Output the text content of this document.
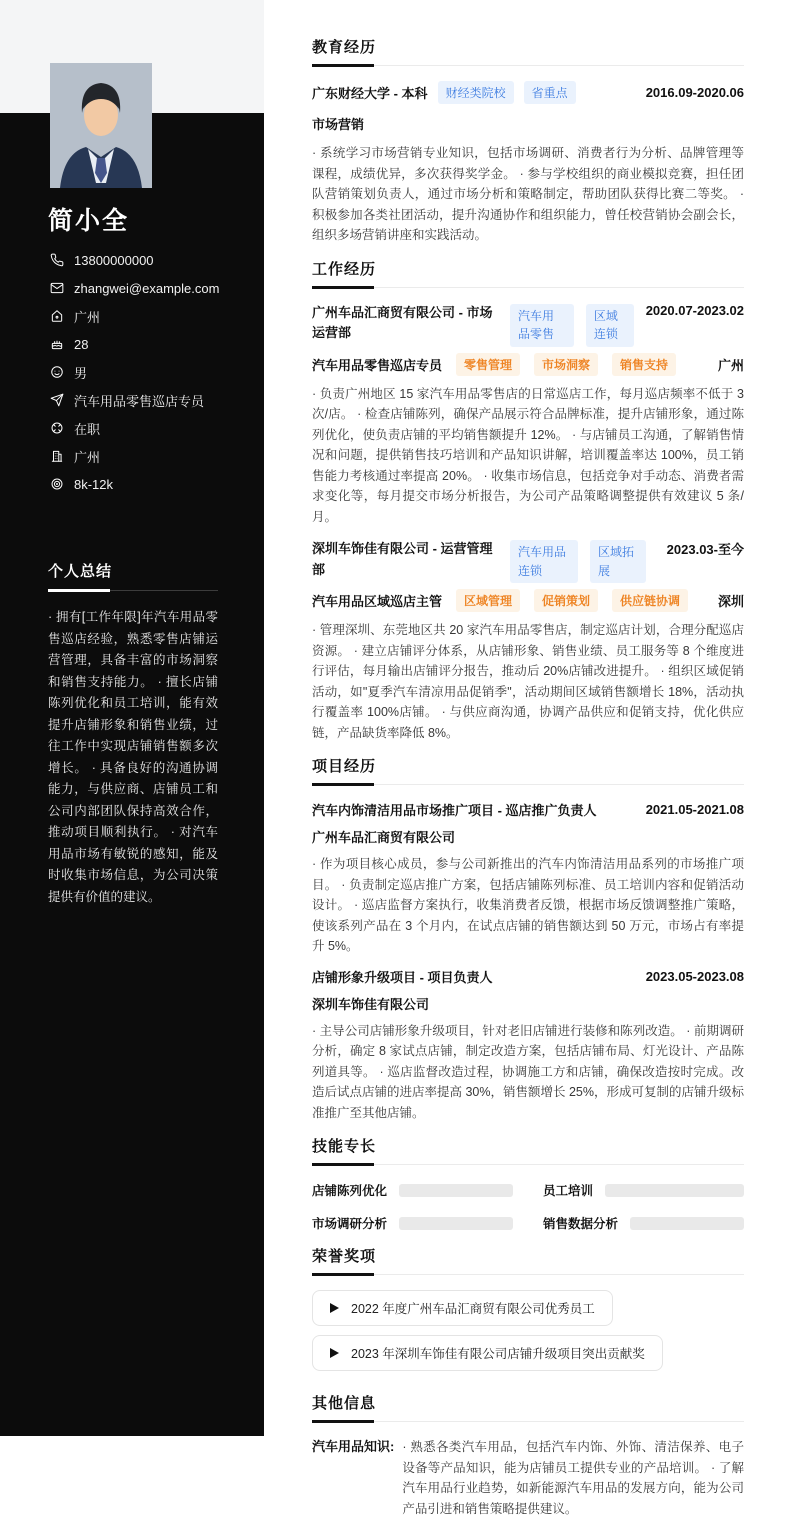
简小全
13800000000
zhangwei@example.com
广州
28
男
汽车用品零售巡店专员
在职
广州
8k-12k
个人总结
· 拥有[工作年限]年汽车用品零售巡店经验，熟悉零售店铺运营管理，具备丰富的市场洞察和销售支持能力。 · 擅长店铺陈列优化和员工培训，能有效提升店铺形象和销售业绩，过往工作中实现店铺销售额多次增长。 · 具备良好的沟通协调能力，与供应商、店铺员工和公司内部团队保持高效合作，推动项目顺利执行。 · 对汽车用品市场有敏锐的感知，能及时收集市场信息，为公司决策提供有价值的建议。
教育经历
广东财经大学 - 本科	财经类院校	省重点	2016.09-2020.06
市场营销
· 系统学习市场营销专业知识，包括市场调研、消费者行为分析、品牌管理等课程，成绩优异，多次获得奖学金。 · 参与学校组织的商业模拟竞赛，担任团队营销策划负责人，通过市场分析和策略制定，帮助团队获得比赛二等奖。 · 积极参加各类社团活动，提升沟通协作和组织能力，曾任校营销协会副会长，组织多场营销讲座和实践活动。
工作经历
广州车品汇商贸有限公司 - 市场运营部
汽车用品零售
区域连锁
2020.07-2023.02
汽车用品零售巡店专员	零售管理	市场洞察	销售支持	广州
· 负责广州地区 15 家汽车用品零售店的日常巡店工作，每月巡店频率不低于 3 次/店。 · 检查店铺陈列，确保产品展示符合品牌标准，提升店铺形象，通过陈列优化，使负责店铺的平均销售额提升 12%。 · 与店铺员工沟通，了解销售情况和问题，提供销售技巧培训和产品知识讲解，培训覆盖率达 100%，员工销售能力考核通过率提高 20%。 · 收集市场信息，包括竞争对手动态、消费者需求变化等，每月提交市场分析报告，为公司产品策略调整提供有效建议 5 条/月。
深圳车饰佳有限公司 - 运营管理部
汽车用品连锁
区域拓展
2023.03-至今
汽车用品区域巡店主管	区域管理	促销策划	供应链协调	深圳
· 管理深圳、东莞地区共 20 家汽车用品零售店，制定巡店计划，合理分配巡店资源。 · 建立店铺评分体系，从店铺形象、销售业绩、员工服务等 8 个维度进行评估，每月输出店铺评分报告，推动后 20%店铺改进提升。 · 组织区域促销活动，如"夏季汽车清凉用品促销季"，活动期间区域销售额增长 18%，活动执行覆盖率 100%店铺。 · 与供应商沟通，协调产品供应和促销支持，优化供应链，产品缺货率降低 8%。
项目经历
汽车内饰清洁用品市场推广项目 - 巡店推广负责人	2021.05-2021.08
广州车品汇商贸有限公司
· 作为项目核心成员，参与公司新推出的汽车内饰清洁用品系列的市场推广项目。 · 负责制定巡店推广方案，包括店铺陈列标准、员工培训内容和促销活动设计。 · 巡店监督方案执行，收集消费者反馈，根据市场反馈调整推广策略，使该系列产品在 3 个月内，在试点店铺的销售额达到 50 万元，市场占有率提升 5%。
店铺形象升级项目 - 项目负责人	2023.05-2023.08
深圳车饰佳有限公司
· 主导公司店铺形象升级项目，针对老旧店铺进行装修和陈列改造。 · 前期调研分析，确定 8 家试点店铺，制定改造方案，包括店铺布局、灯光设计、产品陈列道具等。 · 巡店监督改造过程，协调施工方和店铺，确保改造按时完成。改造后试点店铺的进店率提高 30%，销售额增长 25%，形成可复制的店铺升级标准推广至其他店铺。
技能专长
店铺陈列优化	员工培训
市场调研分析	销售数据分析
荣誉奖项
2022 年度广州车品汇商贸有限公司优秀员工
2023 年深圳车饰佳有限公司店铺升级项目突出贡献奖
其他信息
汽车用品知识: · 熟悉各类汽车用品，包括汽车内饰、外饰、清洁保养、电子设备等产品知识，能为店铺员工提供专业的产品培训。 · 了解汽车用品行业趋势，如新能源汽车用品的发展方向，能为公司产品引进和销售策略提供建议。
